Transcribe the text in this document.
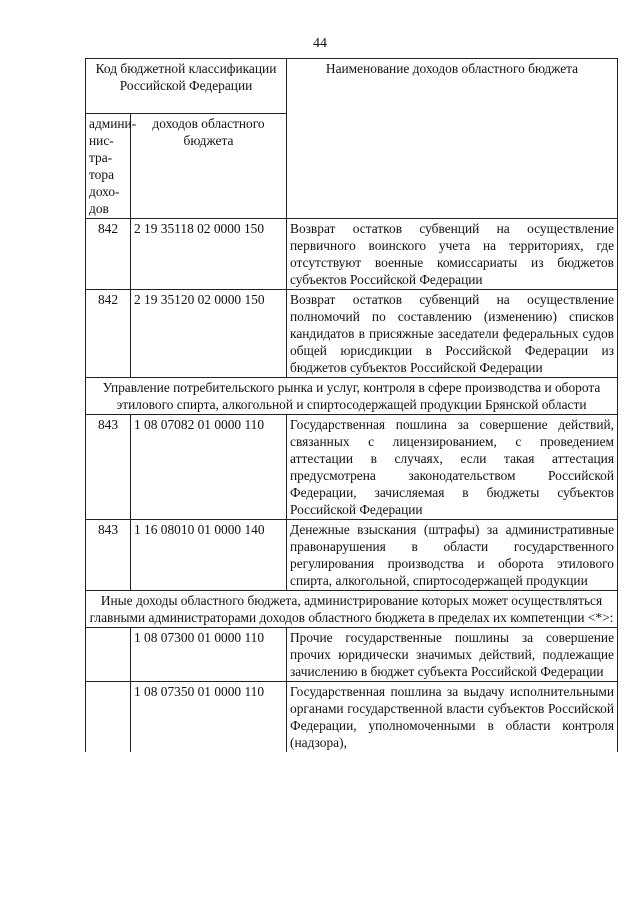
44
Код бюджетной классификации Российской Федерации		Наименование доходов областного бюджета
админи- нис- тра- тора дохо- дов	доходов областного бюджета	
842	2 19 35118 02 0000 150	Возврат остатков субвенций на осуществление первичного воинского учета на территориях, где отсутствуют военные комиссариаты из бюджетов субъектов Российской Федерации
842	2 19 35120 02 0000 150	Возврат остатков субвенций на осуществление полномочий по составлению (изменению) списков кандидатов в присяжные заседатели федеральных судов общей юрисдикции в Российской Федерации из бюджетов субъектов Российской Федерации
Управление потребительского рынка и услуг, контроля в сфере производства и оборота этилового спирта, алкогольной и спиртосодержащей продукции Брянской области		
843	1 08 07082 01 0000 110	Государственная пошлина за совершение действий, связанных с лицензированием, с проведением аттестации в случаях, если такая аттестация предусмотрена законодательством Российской Федерации, зачисляемая в бюджеты субъектов Российской Федерации
843	1 16 08010 01 0000 140	Денежные взыскания (штрафы) за административные правонарушения в области государственного регулирования производства и оборота этилового спирта, алкогольной, спиртосодержащей продукции
Иные доходы областного бюджета, администрирование которых может осуществляться главными администраторами доходов областного бюджета в пределах их компетенции <*>:		
	1 08 07300 01 0000 110	Прочие государственные пошлины за совершение прочих юридически значимых действий, подлежащие зачислению в бюджет субъекта Российской Федерации
	1 08 07350 01 0000 110	Государственная пошлина за выдачу исполнительными органами государственной власти субъектов Российской Федерации, уполномоченными в области контроля (надзора),
